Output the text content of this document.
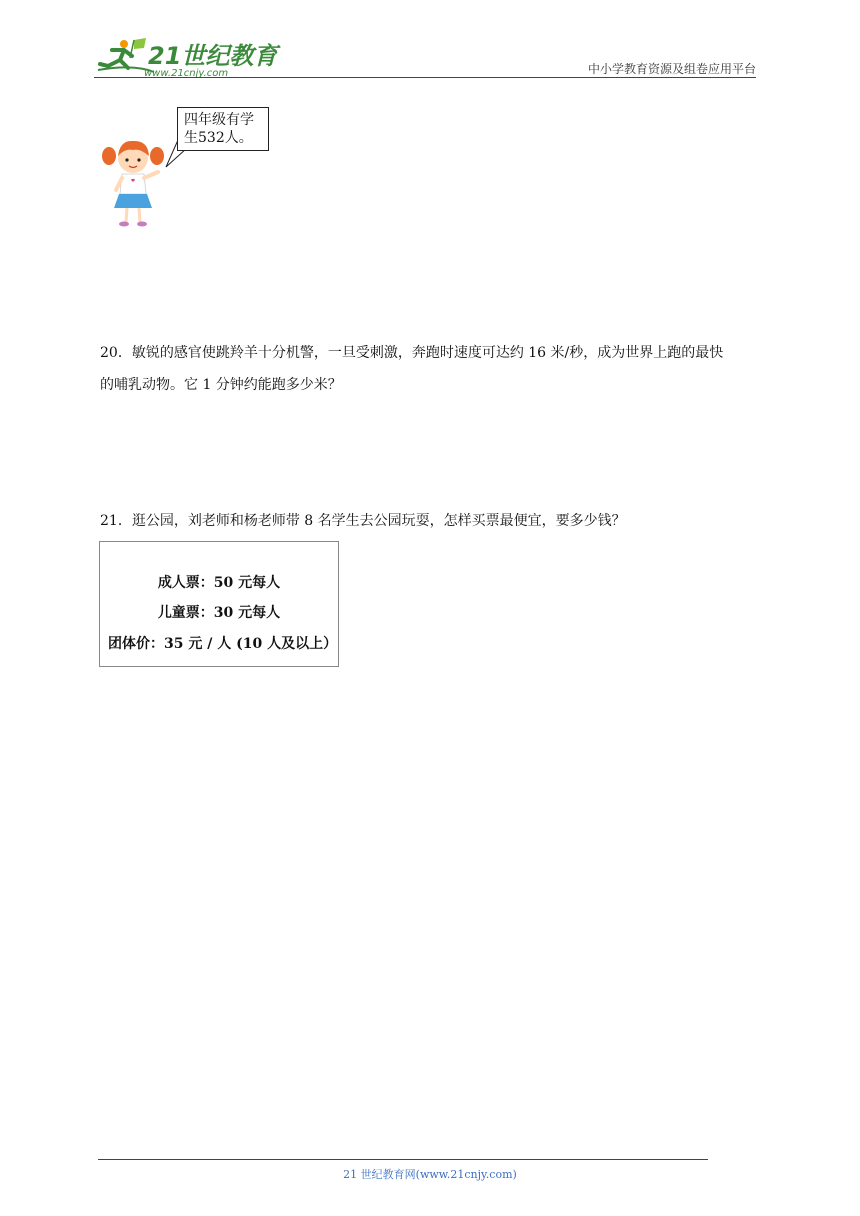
21世纪教育
www.21cnjy.com	中小学教育资源及组卷应用平台
四年级有学
生532人。
20．敏锐的感官使跳羚羊十分机警，一旦受刺激，奔跑时速度可达约 16 米/秒，成为世界上跑的最快
的哺乳动物。它 1 分钟约能跑多少米？
21．逛公园，刘老师和杨老师带 8 名学生去公园玩耍，怎样买票最便宜，要多少钱？
成人票：50 元每人
儿童票：30 元每人
团体价：35 元 / 人 (10 人及以上）
21 世纪教育网(www.21cnjy.com)
